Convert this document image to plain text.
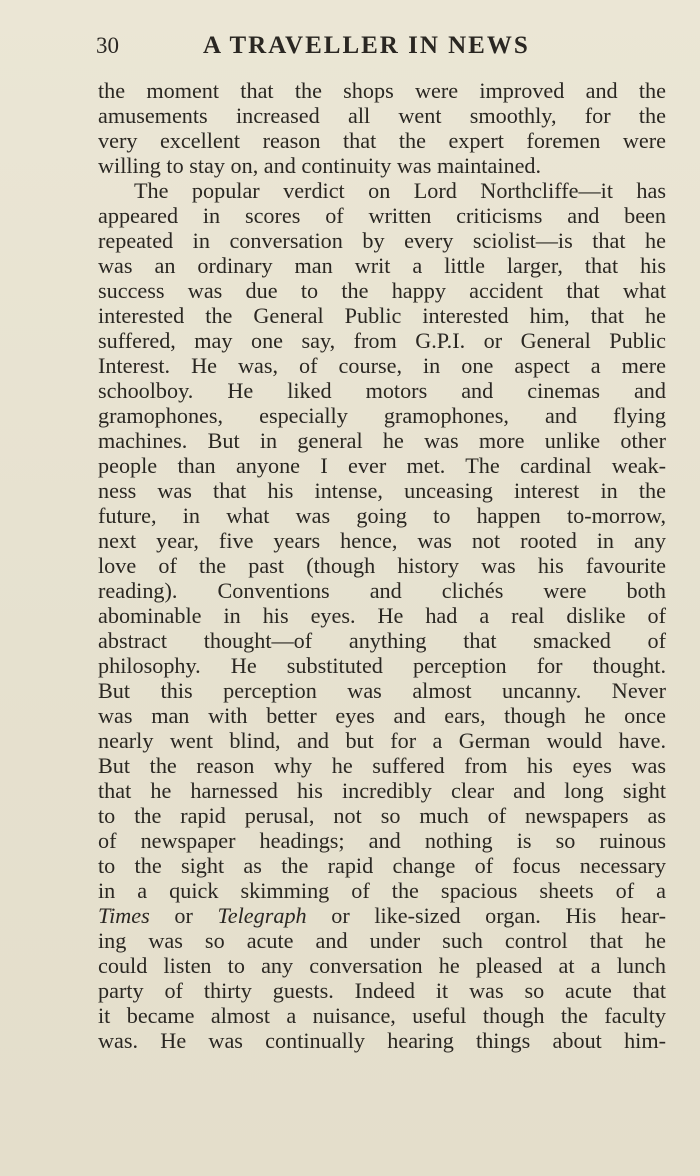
30	A TRAVELLER IN NEWS
the moment that the shops were improved and the
amusements increased all went smoothly, for the
very excellent reason that the expert foremen were
willing to stay on, and continuity was maintained.
The popular verdict on Lord Northcliffe—it has
appeared in scores of written criticisms and been
repeated in conversation by every sciolist—is that he
was an ordinary man writ a little larger, that his
success was due to the happy accident that what
interested the General Public interested him, that he
suffered, may one say, from G.P.I. or General Public
Interest. He was, of course, in one aspect a mere
schoolboy. He liked motors and cinemas and
gramophones, especially gramophones, and flying
machines. But in general he was more unlike other
people than anyone I ever met. The cardinal weak-
ness was that his intense, unceasing interest in the
future, in what was going to happen to-morrow,
next year, five years hence, was not rooted in any
love of the past (though history was his favourite
reading). Conventions and clichés were both
abominable in his eyes. He had a real dislike of
abstract thought—of anything that smacked of
philosophy. He substituted perception for thought.
But this perception was almost uncanny. Never
was man with better eyes and ears, though he once
nearly went blind, and but for a German would have.
But the reason why he suffered from his eyes was
that he harnessed his incredibly clear and long sight
to the rapid perusal, not so much of newspapers as
of newspaper headings; and nothing is so ruinous
to the sight as the rapid change of focus necessary
in a quick skimming of the spacious sheets of a
Times or Telegraph or like-sized organ. His hear-
ing was so acute and under such control that he
could listen to any conversation he pleased at a lunch
party of thirty guests. Indeed it was so acute that
it became almost a nuisance, useful though the faculty
was. He was continually hearing things about him-
